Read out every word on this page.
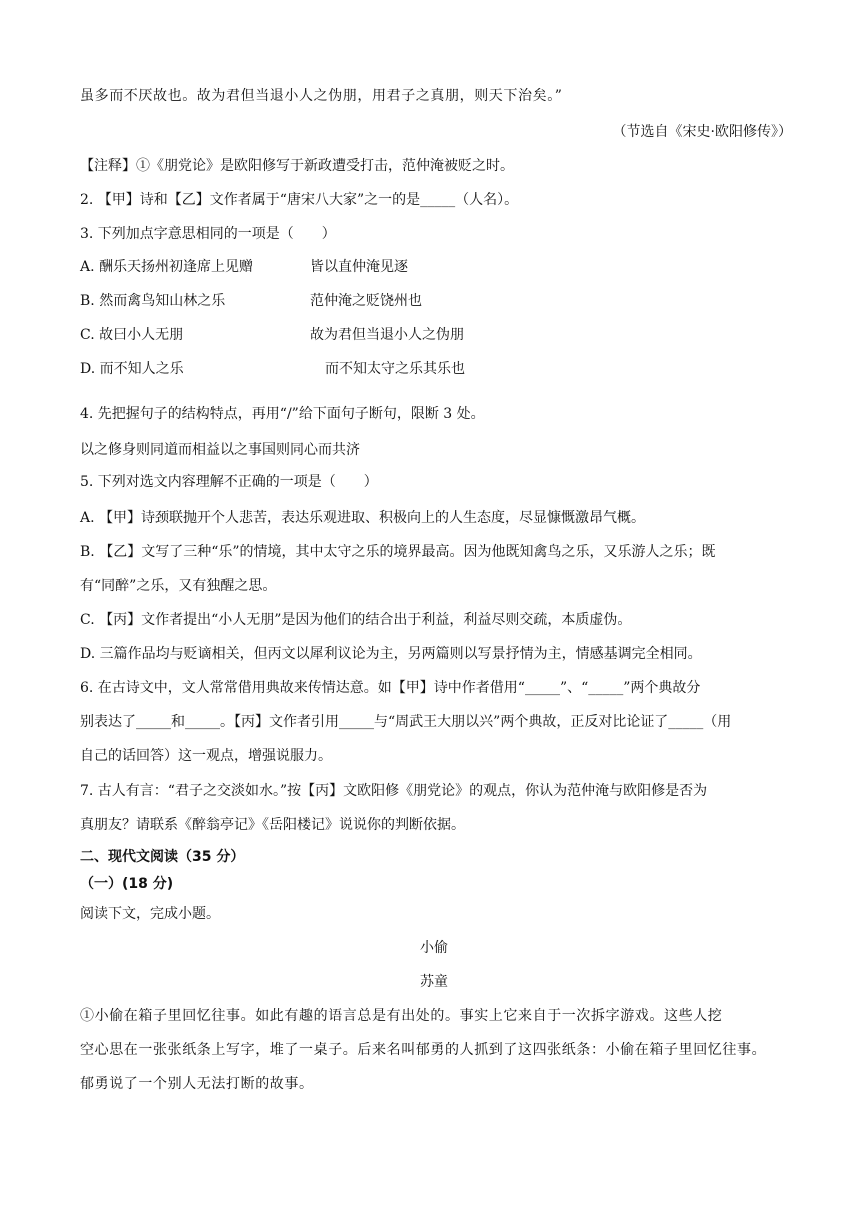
虽多而不厌故也。故为君但当退小人之伪朋，用君子之真朋，则天下治矣。”
（节选自《宋史·欧阳修传》）
【注释】①《朋党论》是欧阳修写于新政遭受打击，范仲淹被贬之时。
2. 【甲】诗和【乙】文作者属于“唐宋八大家”之一的是_____（人名）。
3. 下列加点字意思相同的一项是（　　）
A. 酬乐天扬州初逢席上见赠	皆以直仲淹见逐
B. 然而禽鸟知山林之乐	范仲淹之贬饶州也
C. 故曰小人无朋	故为君但当退小人之伪朋
D. 而不知人之乐	而不知太守之乐其乐也
4. 先把握句子的结构特点，再用“/”给下面句子断句，限断 3 处。
以之修身则同道而相益以之事国则同心而共济
5. 下列对选文内容理解不正确的一项是（　　）
A. 【甲】诗颈联抛开个人悲苦，表达乐观进取、积极向上的人生态度，尽显慷慨激昂气概。
B. 【乙】文写了三种“乐”的情境，其中太守之乐的境界最高。因为他既知禽鸟之乐，又乐游人之乐；既
有“同醉”之乐，又有独醒之思。
C. 【丙】文作者提出“小人无朋”是因为他们的结合出于利益，利益尽则交疏，本质虚伪。
D. 三篇作品均与贬谪相关，但丙文以犀利议论为主，另两篇则以写景抒情为主，情感基调完全相同。
6. 在古诗文中，文人常常借用典故来传情达意。如【甲】诗中作者借用“_____”、“_____”两个典故分
别表达了_____和_____。【丙】文作者引用_____与“周武王大朋以兴”两个典故，正反对比论证了_____（用
自己的话回答）这一观点，增强说服力。
7. 古人有言：“君子之交淡如水。”按【丙】文欧阳修《朋党论》的观点，你认为范仲淹与欧阳修是否为
真朋友？请联系《醉翁亭记》《岳阳楼记》说说你的判断依据。
二、现代文阅读（35 分）
（一）(18 分)
阅读下文，完成小题。
小偷
苏童
①小偷在箱子里回忆往事。如此有趣的语言总是有出处的。事实上它来自于一次拆字游戏。这些人挖
空心思在一张张纸条上写字，堆了一桌子。后来名叫郁勇的人抓到了这四张纸条：小偷在箱子里回忆往事。
郁勇说了一个别人无法打断的故事。
